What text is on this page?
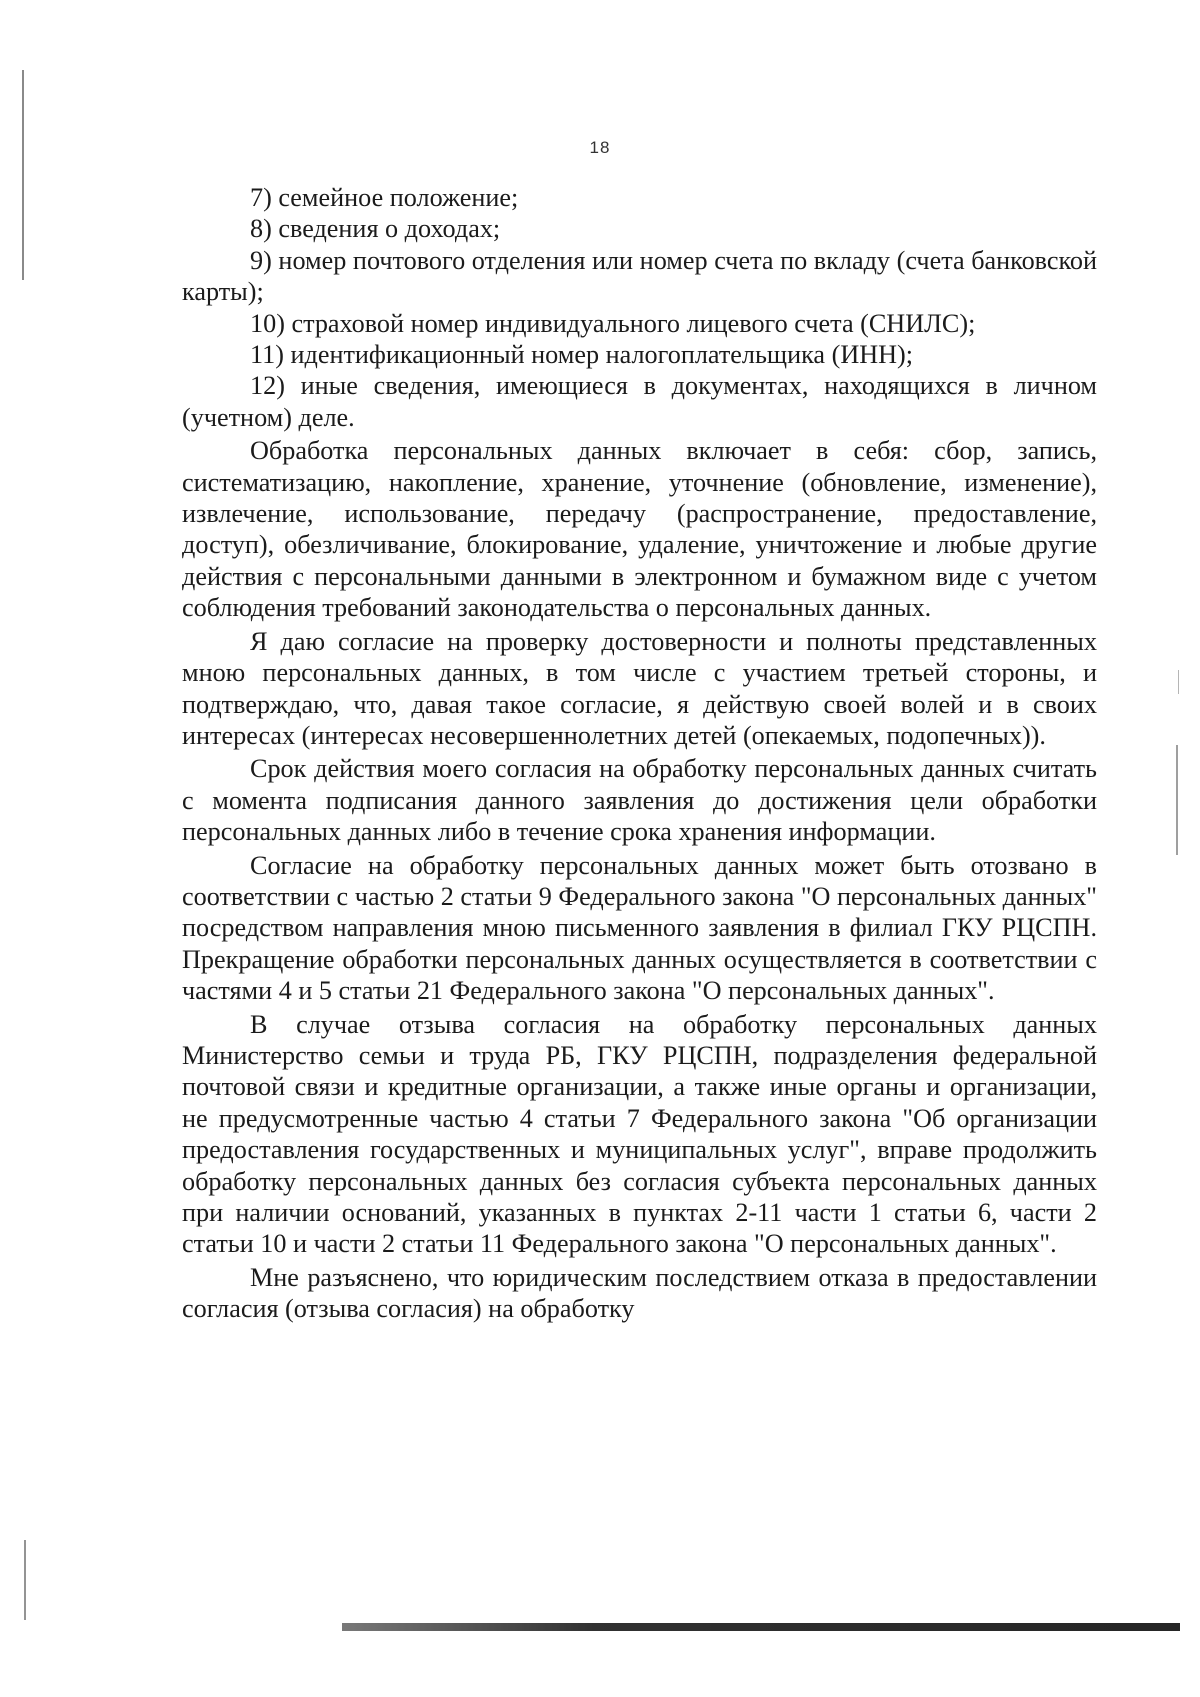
18

7) семейное положение;

8) сведения о доходах;

9) номер почтового отделения или номер счета по вкладу (счета банковской карты);

10) страховой номер индивидуального лицевого счета (СНИЛС);

11) идентификационный номер налогоплательщика (ИНН);

12) иные сведения, имеющиеся в документах, находящихся в личном (учетном) деле.

Обработка персональных данных включает в себя: сбор, запись, систематизацию, накопление, хранение, уточнение (обновление, изменение), извлечение, использование, передачу (распространение, предоставление, доступ), обезличивание, блокирование, удаление, уничтожение и любые другие действия с персональными данными в электронном и бумажном виде с учетом соблюдения требований законодательства о персональных данных.

Я даю согласие на проверку достоверности и полноты представленных мною персональных данных, в том числе с участием третьей стороны, и подтверждаю, что, давая такое согласие, я действую своей волей и в своих интересах (интересах несовершеннолетних детей (опекаемых, подопечных)).

Срок действия моего согласия на обработку персональных данных считать с момента подписания данного заявления до достижения цели обработки персональных данных либо в течение срока хранения информации.

Согласие на обработку персональных данных может быть отозвано в соответствии с частью 2 статьи 9 Федерального закона "О персональных данных" посредством направления мною письменного заявления в филиал ГКУ РЦСПН. Прекращение обработки персональных данных осуществляется в соответствии с частями 4 и 5 статьи 21 Федерального закона "О персональных данных".

В случае отзыва согласия на обработку персональных данных Министерство семьи и труда РБ, ГКУ РЦСПН, подразделения федеральной почтовой связи и кредитные организации, а также иные органы и организации, не предусмотренные частью 4 статьи 7 Федерального закона "Об организации предоставления государственных и муниципальных услуг", вправе продолжить обработку персональных данных без согласия субъекта персональных данных при наличии оснований, указанных в пунктах 2-11 части 1 статьи 6, части 2 статьи 10 и части 2 статьи 11 Федерального закона "О персональных данных".

Мне разъяснено, что юридическим последствием отказа в предоставлении согласия (отзыва согласия) на обработку
